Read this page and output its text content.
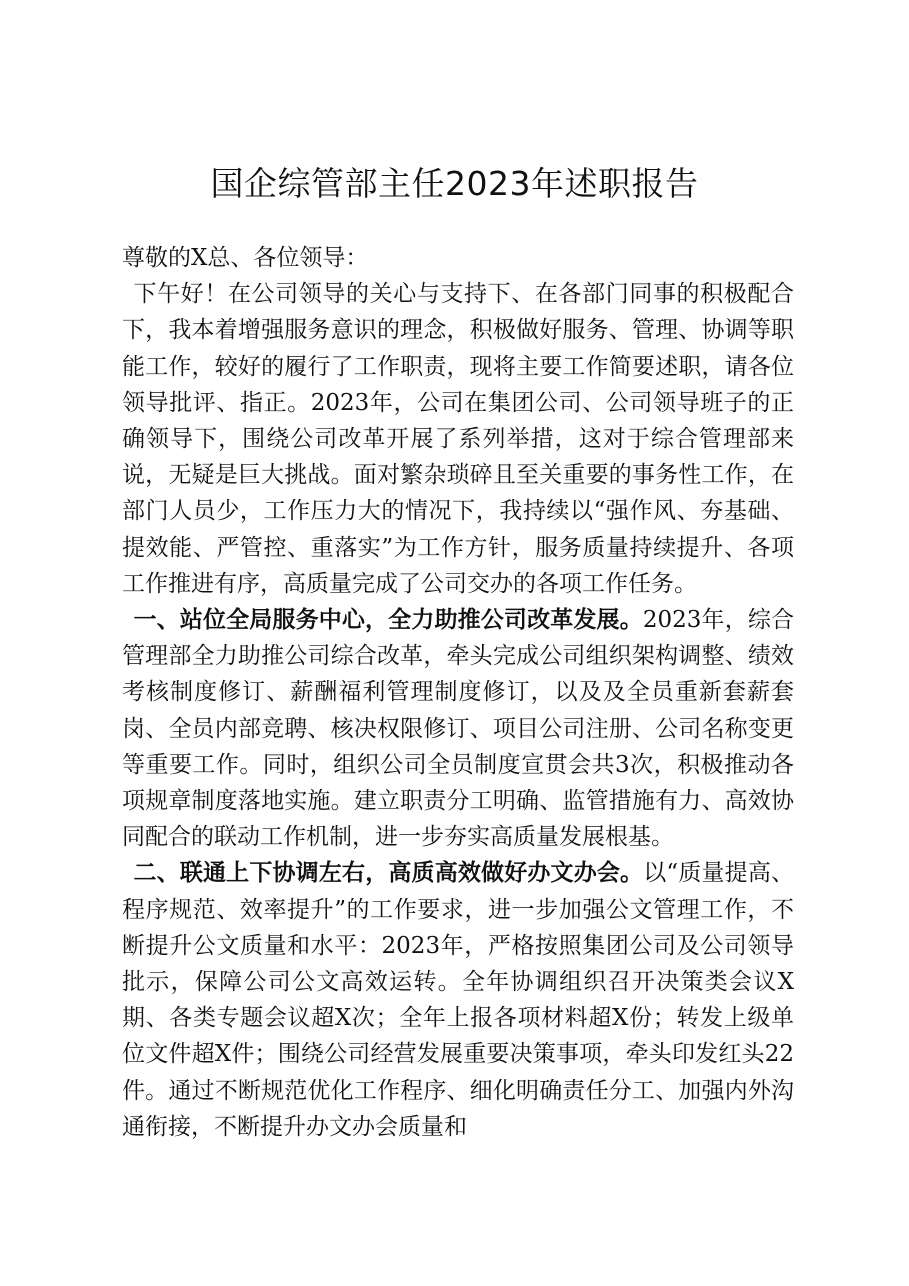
国企综管部主任2023年述职报告

尊敬的X总、各位领导：

下午好！在公司领导的关心与支持下、在各部门同事的积极配合下，我本着增强服务意识的理念，积极做好服务、管理、协调等职能工作，较好的履行了工作职责，现将主要工作简要述职，请各位领导批评、指正。2023年，公司在集团公司、公司领导班子的正确领导下，围绕公司改革开展了系列举措，这对于综合管理部来说，无疑是巨大挑战。面对繁杂琐碎且至关重要的事务性工作，在部门人员少，工作压力大的情况下，我持续以“强作风、夯基础、提效能、严管控、重落实”为工作方针，服务质量持续提升、各项工作推进有序，高质量完成了公司交办的各项工作任务。

一、站位全局服务中心，全力助推公司改革发展。2023年，综合管理部全力助推公司综合改革，牵头完成公司组织架构调整、绩效考核制度修订、薪酬福利管理制度修订，以及及全员重新套薪套岗、全员内部竞聘、核决权限修订、项目公司注册、公司名称变更等重要工作。同时，组织公司全员制度宣贯会共3次，积极推动各项规章制度落地实施。建立职责分工明确、监管措施有力、高效协同配合的联动工作机制，进一步夯实高质量发展根基。

二、联通上下协调左右，高质高效做好办文办会。以“质量提高、程序规范、效率提升”的工作要求，进一步加强公文管理工作，不断提升公文质量和水平：2023年，严格按照集团公司及公司领导批示，保障公司公文高效运转。全年协调组织召开决策类会议X期、各类专题会议超X次；全年上报各项材料超X份；转发上级单位文件超X件；围绕公司经营发展重要决策事项，牵头印发红头22件。通过不断规范优化工作程序、细化明确责任分工、加强内外沟通衔接，不断提升办文办会质量和
